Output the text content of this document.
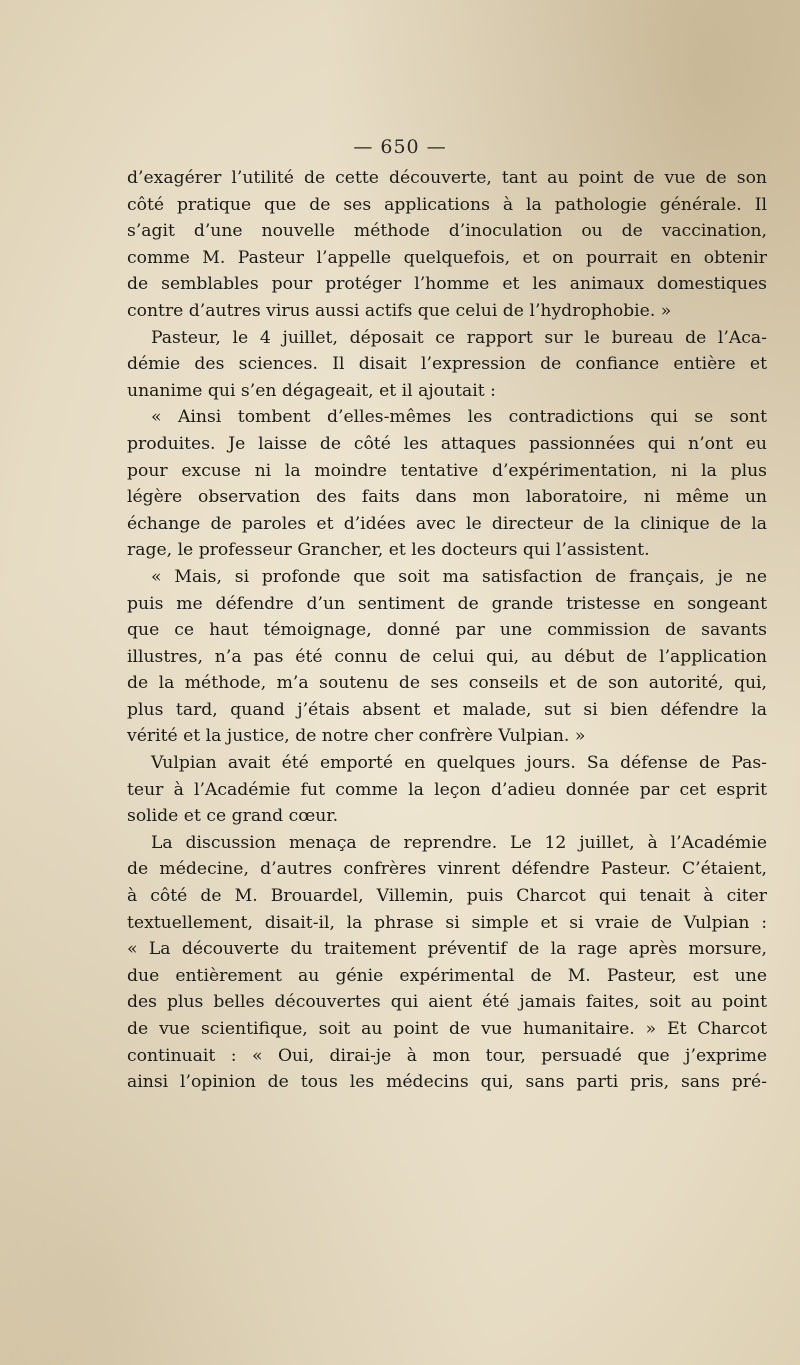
— 650 —
d’exagérer l’utilité de cette découverte, tant au point de vue de son
côté pratique que de ses applications à la pathologie générale. Il
s’agit d’une nouvelle méthode d’inoculation ou de vaccination,
comme M. Pasteur l’appelle quelquefois, et on pourrait en obtenir
de semblables pour protéger l’homme et les animaux domestiques
contre d’autres virus aussi actifs que celui de l’hydrophobie. »
Pasteur, le 4 juillet, déposait ce rapport sur le bureau de l’Aca-
démie des sciences. Il disait l’expression de confiance entière et
unanime qui s’en dégageait, et il ajoutait :
« Ainsi tombent d’elles-mêmes les contradictions qui se sont
produites. Je laisse de côté les attaques passionnées qui n’ont eu
pour excuse ni la moindre tentative d’expérimentation, ni la plus
légère observation des faits dans mon laboratoire, ni même un
échange de paroles et d’idées avec le directeur de la clinique de la
rage, le professeur Grancher, et les docteurs qui l’assistent.
« Mais, si profonde que soit ma satisfaction de français, je ne
puis me défendre d’un sentiment de grande tristesse en songeant
que ce haut témoignage, donné par une commission de savants
illustres, n’a pas été connu de celui qui, au début de l’application
de la méthode, m’a soutenu de ses conseils et de son autorité, qui,
plus tard, quand j’étais absent et malade, sut si bien défendre la
vérité et la justice, de notre cher confrère Vulpian. »
Vulpian avait été emporté en quelques jours. Sa défense de Pas-
teur à l’Académie fut comme la leçon d’adieu donnée par cet esprit
solide et ce grand cœur.
La discussion menaça de reprendre. Le 12 juillet, à l’Académie
de médecine, d’autres confrères vinrent défendre Pasteur. C’étaient,
à côté de M. Brouardel, Villemin, puis Charcot qui tenait à citer
textuellement, disait-il, la phrase si simple et si vraie de Vulpian :
« La découverte du traitement préventif de la rage après morsure,
due entièrement au génie expérimental de M. Pasteur, est une
des plus belles découvertes qui aient été jamais faites, soit au point
de vue scientifique, soit au point de vue humanitaire. » Et Charcot
continuait : « Oui, dirai-je à mon tour, persuadé que j’exprime
ainsi l’opinion de tous les médecins qui, sans parti pris, sans pré-
